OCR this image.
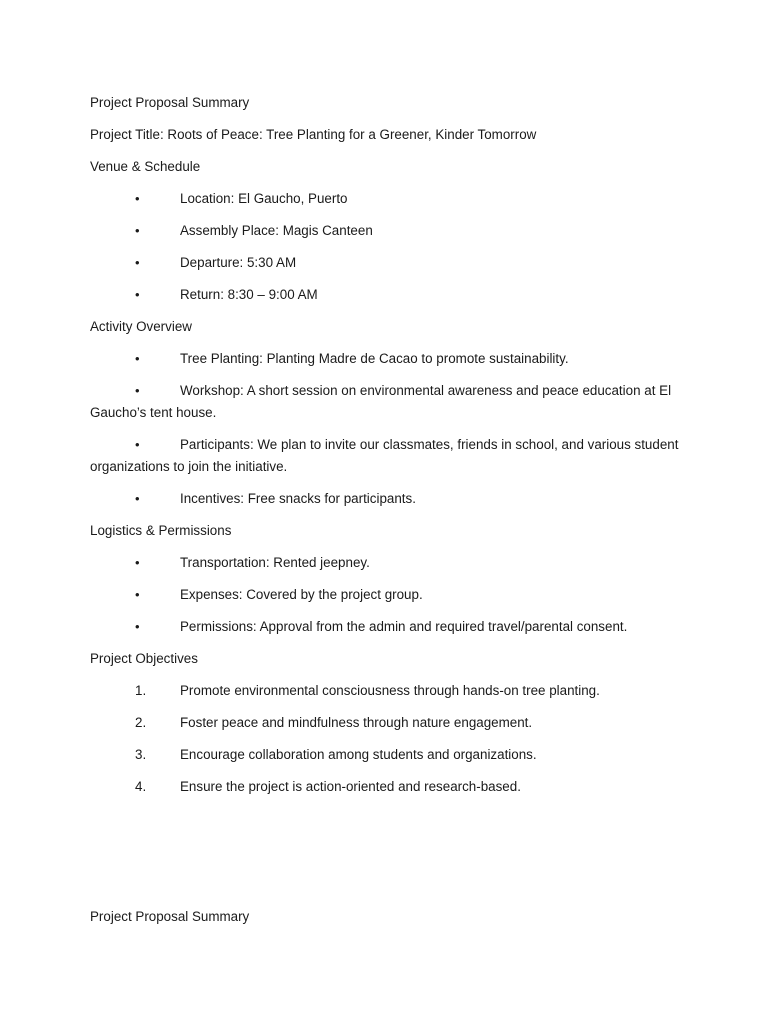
Project Proposal Summary

Project Title: Roots of Peace: Tree Planting for a Greener, Kinder Tomorrow

Venue & Schedule

•	Location: El Gaucho, Puerto
•	Assembly Place: Magis Canteen
•	Departure: 5:30 AM
•	Return: 8:30 – 9:00 AM

Activity Overview

•	Tree Planting: Planting Madre de Cacao to promote sustainability.
•	Workshop: A short session on environmental awareness and peace education at El Gaucho’s tent house.
•	Participants: We plan to invite our classmates, friends in school, and various student organizations to join the initiative.
•	Incentives: Free snacks for participants.

Logistics & Permissions

•	Transportation: Rented jeepney.
•	Expenses: Covered by the project group.
•	Permissions: Approval from the admin and required travel/parental consent.

Project Objectives

1.	Promote environmental consciousness through hands-on tree planting.
2.	Foster peace and mindfulness through nature engagement.
3.	Encourage collaboration among students and organizations.
4.	Ensure the project is action-oriented and research-based.

Project Proposal Summary
